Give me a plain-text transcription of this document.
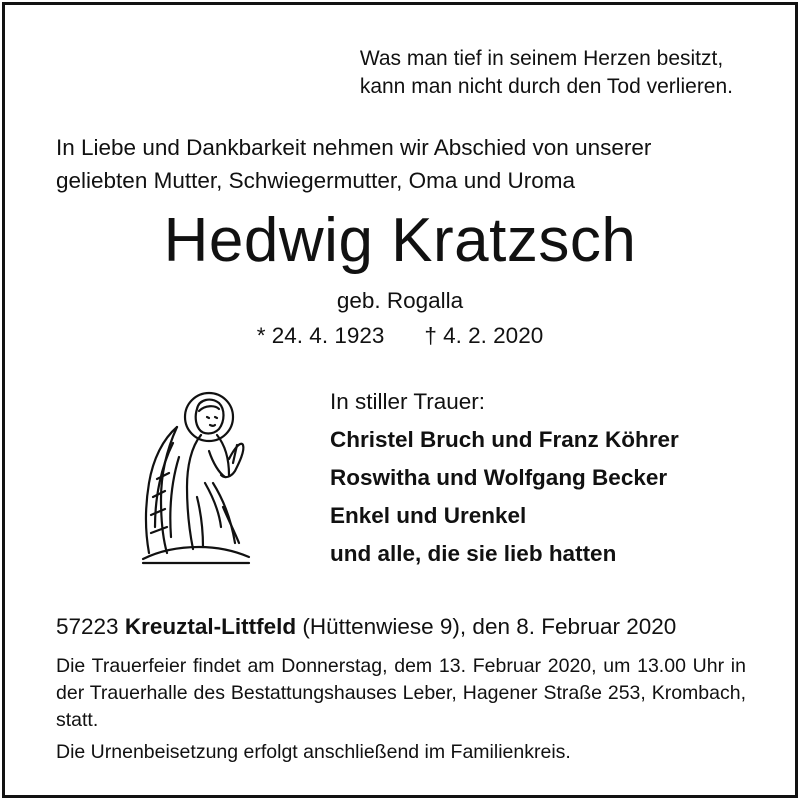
Was man tief in seinem Herzen besitzt,
kann man nicht durch den Tod verlieren.
In Liebe und Dankbarkeit nehmen wir Abschied von unserer
geliebten Mutter, Schwiegermutter, Oma und Uroma
Hedwig Kratzsch
geb. Rogalla
* 24. 4. 1923 † 4. 2. 2020
In stiller Trauer:
Christel Bruch und Franz Köhrer
Roswitha und Wolfgang Becker
Enkel und Urenkel
und alle, die sie lieb hatten
57223 Kreuztal-Littfeld (Hüttenwiese 9), den 8. Februar 2020
Die Trauerfeier findet am Donnerstag, dem 13. Februar 2020, um 13.00 Uhr in der Trauerhalle des Bestattungshauses Leber, Hagener Straße 253, Krombach, statt.
Die Urnenbeisetzung erfolgt anschließend im Familienkreis.
